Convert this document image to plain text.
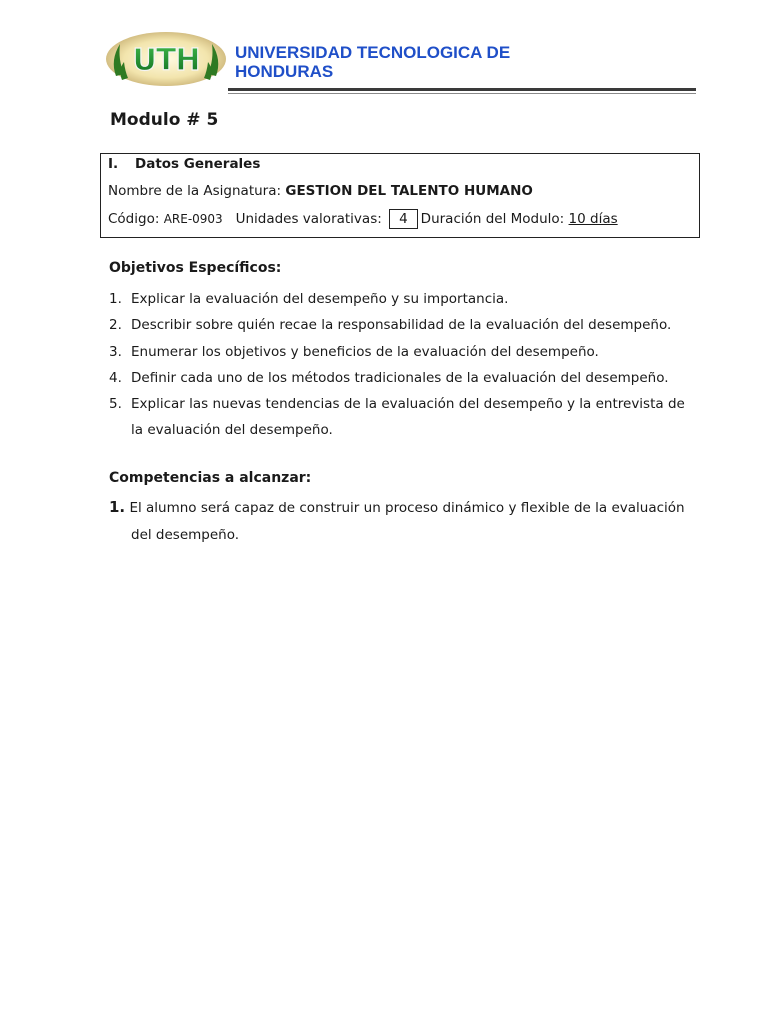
UTH UNIVERSIDAD TECNOLOGICA DE
HONDURAS
Modulo # 5
I. Datos Generales
Nombre de la Asignatura: GESTION DEL TALENTO HUMANO
Código: ARE-0903 Unidades valorativas: 4 Duración del Modulo: 10 días
Objetivos Específicos:
1. Explicar la evaluación del desempeño y su importancia.
2. Describir sobre quién recae la responsabilidad de la evaluación del desempeño.
3. Enumerar los objetivos y beneficios de la evaluación del desempeño.
4. Definir cada uno de los métodos tradicionales de la evaluación del desempeño.
5. Explicar las nuevas tendencias de la evaluación del desempeño y la entrevista de
la evaluación del desempeño.
Competencias a alcanzar:
1. El alumno será capaz de construir un proceso dinámico y flexible de la evaluación
del desempeño.
